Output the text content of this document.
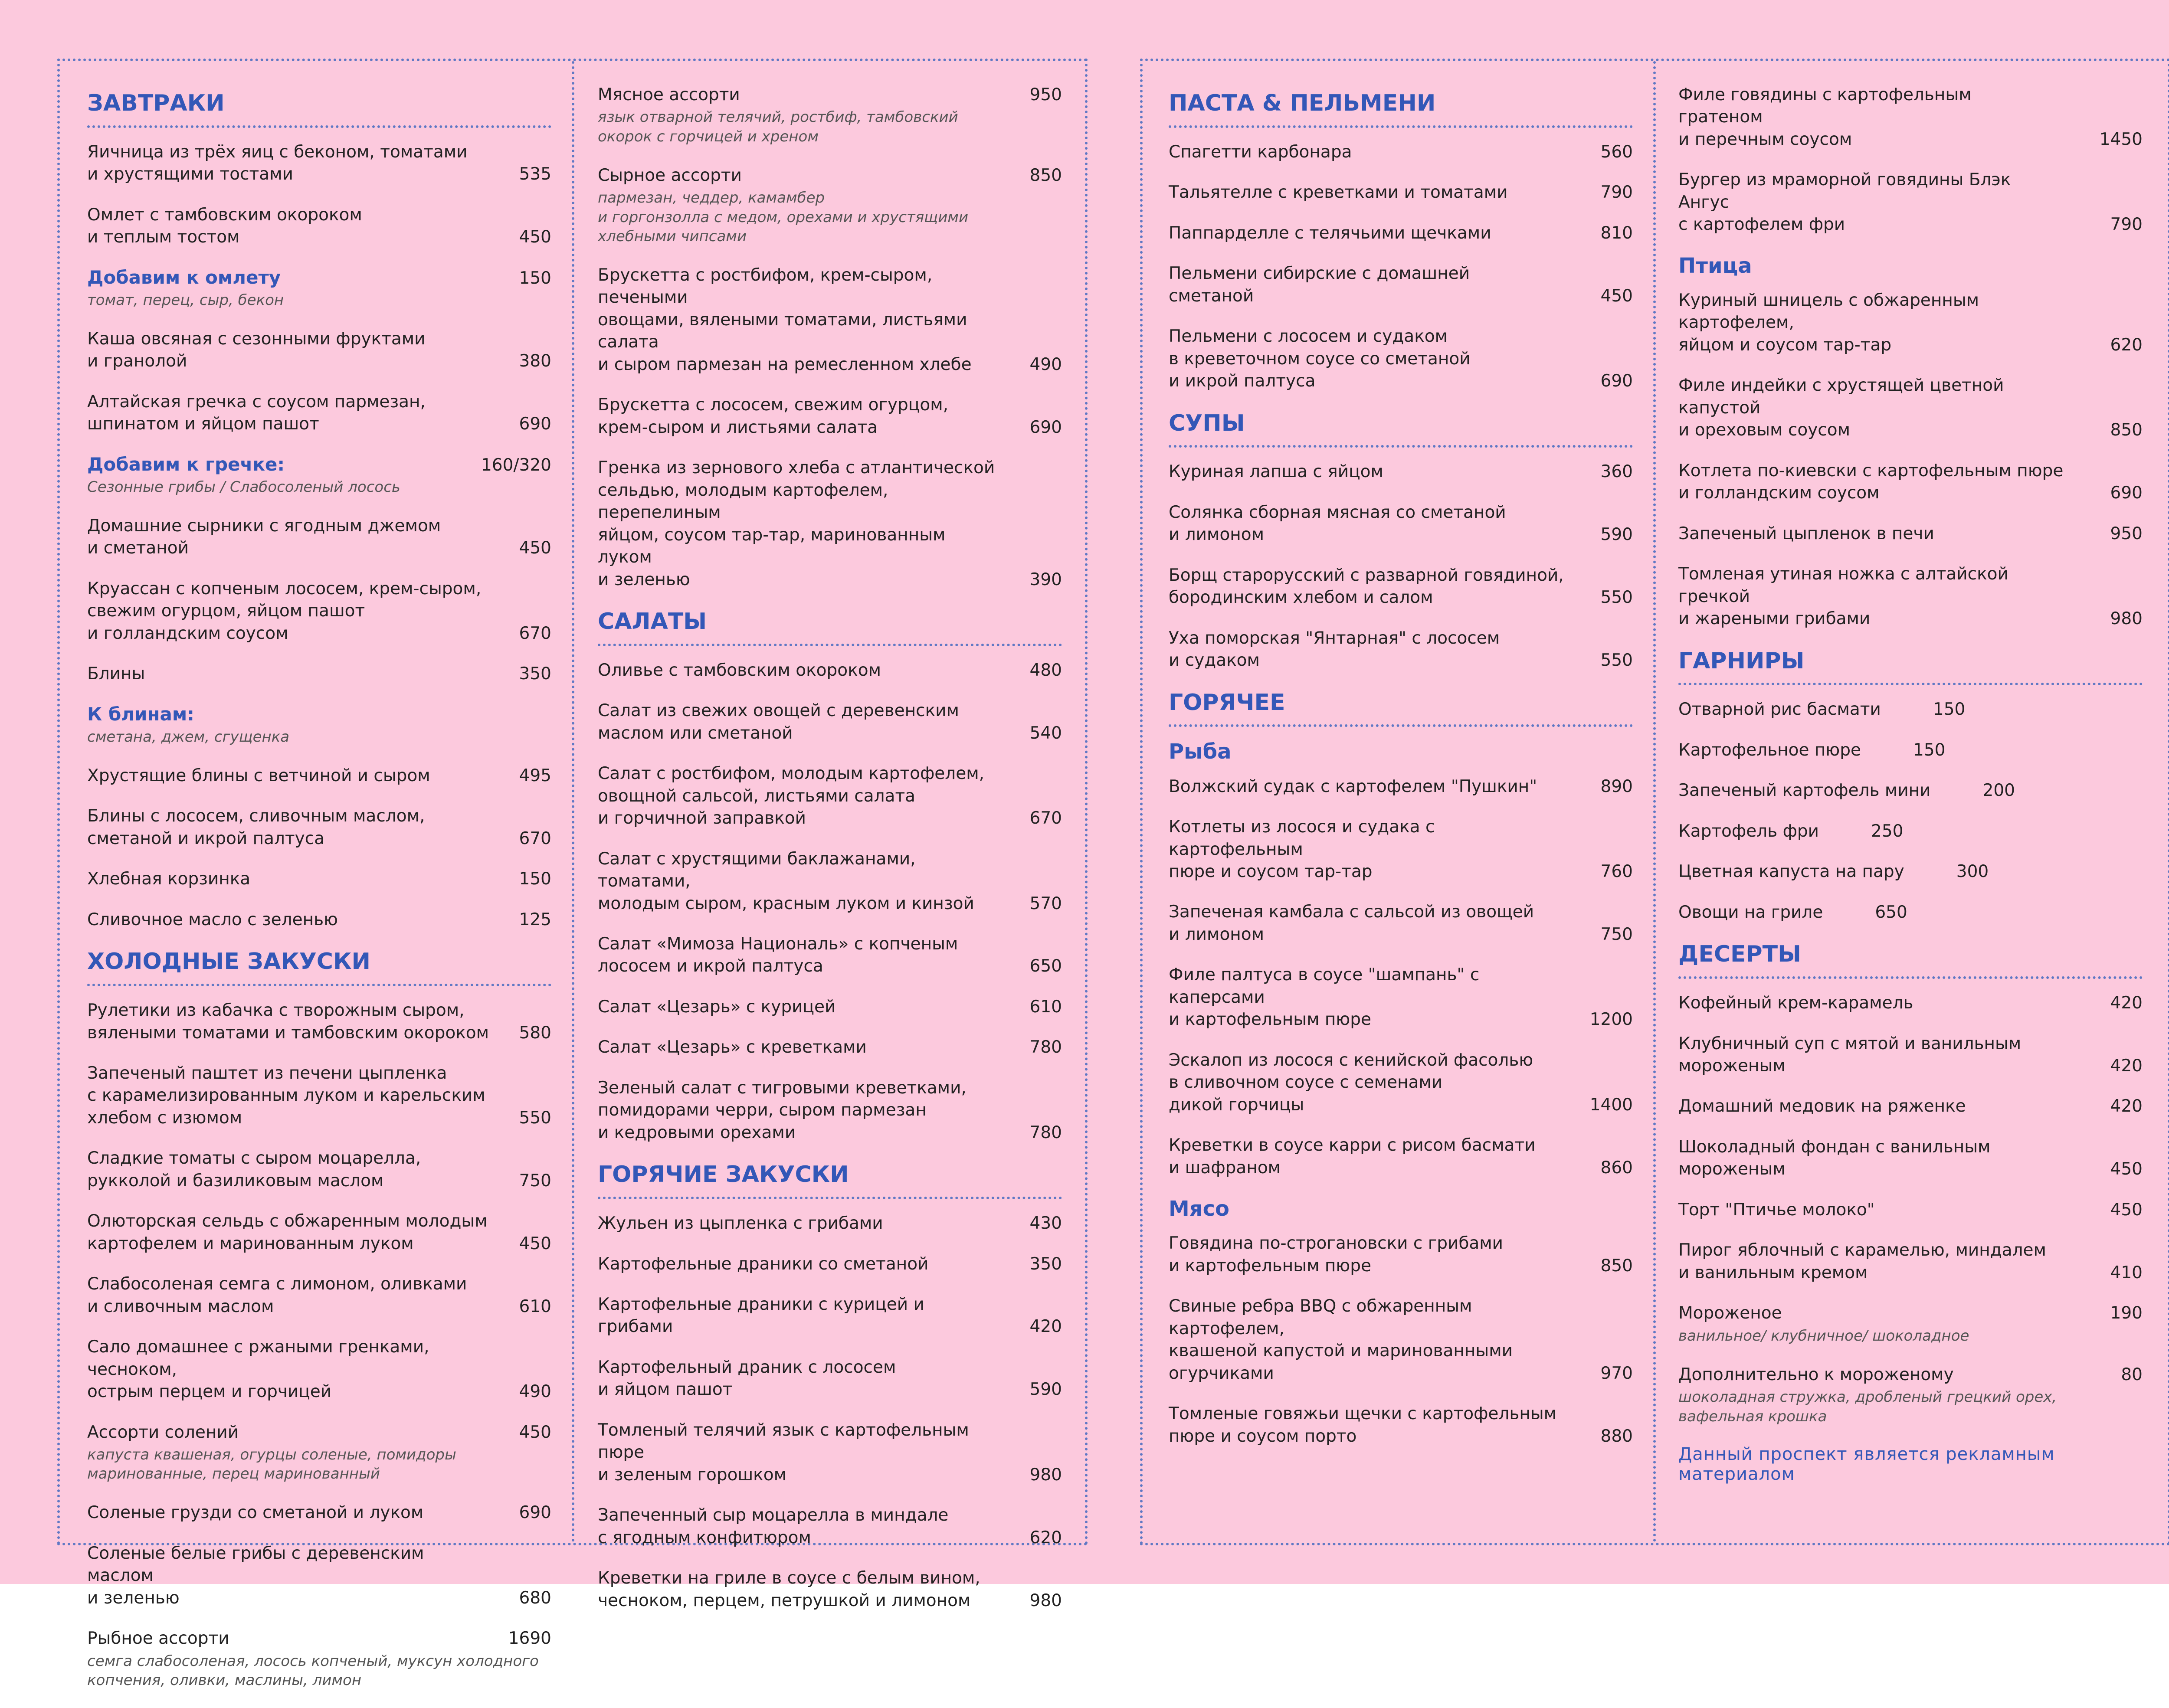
ЗАВТРАКИ
Яичница из трёх яиц с беконом, томатами
и хрустящими тостами	535
Омлет с тамбовским окороком
и теплым тостом	450
Добавим к омлету	150
томат, перец, сыр, бекон
Каша овсяная с сезонными фруктами
и гранолой	380
Алтайская гречка с соусом пармезан,
шпинатом и яйцом пашот	690
Добавим к гречке:	160/320
Сезонные грибы / Слабосоленый лосось
Домашние сырники с ягодным джемом
и сметаной	450
Круассан с копченым лососем, крем-сыром,
свежим огурцом, яйцом пашот
и голландским соусом	670
Блины	350
К блинам:
сметана, джем, сгущенка
Хрустящие блины с ветчиной и сыром	495
Блины с лососем, сливочным маслом,
сметаной и икрой палтуса	670
Хлебная корзинка	150
Сливочное масло с зеленью	125
ХОЛОДНЫЕ ЗАКУСКИ
Рулетики из кабачка с творожным сыром,
вялеными томатами и тамбовским окороком	580
Запеченый паштет из печени цыпленка
с карамелизированным луком и карельским
хлебом с изюмом	550
Сладкие томаты с сыром моцарелла,
рукколой и базиликовым маслом	750
Олюторская сельдь с обжаренным молодым
картофелем и маринованным луком	450
Слабосоленая семга с лимоном, оливками
и сливочным маслом	610
Сало домашнее с ржаными гренками, чесноком,
острым перцем и горчицей	490
Ассорти солений	450
капуста квашеная, огурцы соленые, помидоры
маринованные, перец маринованный
Соленые грузди со сметаной и луком	690
Соленые белые грибы с деревенским маслом
и зеленью	680
Рыбное ассорти	1690
семга слабосоленая, лосось копченый, муксун холодного
копчения, оливки, маслины, лимон
Мясное ассорти	950
язык отварной телячий, ростбиф, тамбовский
окорок с горчицей и хреном
Сырное ассорти	850
пармезан, чеддер, камамбер
и горгонзолла с медом, орехами и хрустящими
хлебными чипсами
Брускетта с ростбифом, крем-сыром, печеными
овощами, вялеными томатами, листьями салата
и сыром пармезан на ремесленном хлебе	490
Брускетта с лососем, свежим огурцом,
крем-сыром и листьями салата	690
Гренка из зернового хлеба с атлантической
сельдью, молодым картофелем, перепелиным
яйцом, соусом тар-тар, маринованным луком
и зеленью	390
САЛАТЫ
Оливье с тамбовским окороком	480
Салат из свежих овощей с деревенским
маслом или сметаной	540
Салат с ростбифом, молодым картофелем,
овощной сальсой, листьями салата
и горчичной заправкой	670
Салат с хрустящими баклажанами, томатами,
молодым сыром, красным луком и кинзой	570
Салат «Мимоза Националь» с копченым
лососем и икрой палтуса	650
Салат «Цезарь» с курицей	610
Салат «Цезарь» с креветками	780
Зеленый салат с тигровыми креветками,
помидорами черри, сыром пармезан
и кедровыми орехами	780
ГОРЯЧИЕ ЗАКУСКИ
Жульен из цыпленка с грибами	430
Картофельные драники со сметаной	350
Картофельные драники с курицей и грибами	420
Картофельный драник с лососем
и яйцом пашот	590
Томленый телячий язык с картофельным пюре
и зеленым горошком	980
Запеченный сыр моцарелла в миндале
с ягодным конфитюром	620
Креветки на гриле в соусе с белым вином,
чесноком, перцем, петрушкой и лимоном	980
ПАСТА & ПЕЛЬМЕНИ
Спагетти карбонара	560
Тальятелле с креветками и томатами	790
Паппарделле с телячьими щечками	810
Пельмени сибирские с домашней
сметаной	450
Пельмени с лососем и судаком
в креветочном соусе со сметаной
и икрой палтуса	690
СУПЫ
Куриная лапша с яйцом	360
Солянка сборная мясная со сметаной
и лимоном	590
Борщ старорусский с разварной говядиной,
бородинским хлебом и салом	550
Уха поморская "Янтарная" с лососем
и судаком	550
ГОРЯЧЕЕ
Рыба
Волжский судак с картофелем "Пушкин"	890
Котлеты из лосося и судака с картофельным
пюре и соусом тар-тар	760
Запеченая камбала с сальсой из овощей
и лимоном	750
Филе палтуса в соусе "шампань" с каперсами
и картофельным пюре	1200
Эскалоп из лосося с кенийской фасолью
в сливочном соусе с семенами
дикой горчицы	1400
Креветки в соусе карри с рисом басмати
и шафраном	860
Мясо
Говядина по-строгановски с грибами
и картофельным пюре	850
Свиные ребра BBQ с обжаренным картофелем,
квашеной капустой и маринованными
огурчиками	970
Томленые говяжьи щечки с картофельным
пюре и соусом порто	880
Филе говядины с картофельным гратеном
и перечным соусом	1450
Бургер из мраморной говядины Блэк Ангус
с картофелем фри	790
Птица
Куриный шницель с обжаренным картофелем,
яйцом и соусом тар-тар	620
Филе индейки с хрустящей цветной капустой
и ореховым соусом	850
Котлета по-киевски с картофельным пюре
и голландским соусом	690
Запеченый цыпленок в печи	950
Томленая утиная ножка с алтайской гречкой
и жареными грибами	980
ГАРНИРЫ
Отварной рис басмати	150
Картофельное пюре	150
Запеченый картофель мини	200
Картофель фри	250
Цветная капуста на пару	300
Овощи на гриле	650
ДЕСЕРТЫ
Кофейный крем-карамель	420
Клубничный суп с мятой и ванильным
мороженым	420
Домашний медовик на ряженке	420
Шоколадный фондан с ванильным
мороженым	450
Торт "Птичье молоко"	450
Пирог яблочный с карамелью, миндалем
и ванильным кремом	410
Мороженое	190
ванильное/ клубничное/ шоколадное
Дополнительно к мороженому	80
шоколадная стружка, дробленый грецкий орех,
вафельная крошка
Данный проспект является рекламным материалом
